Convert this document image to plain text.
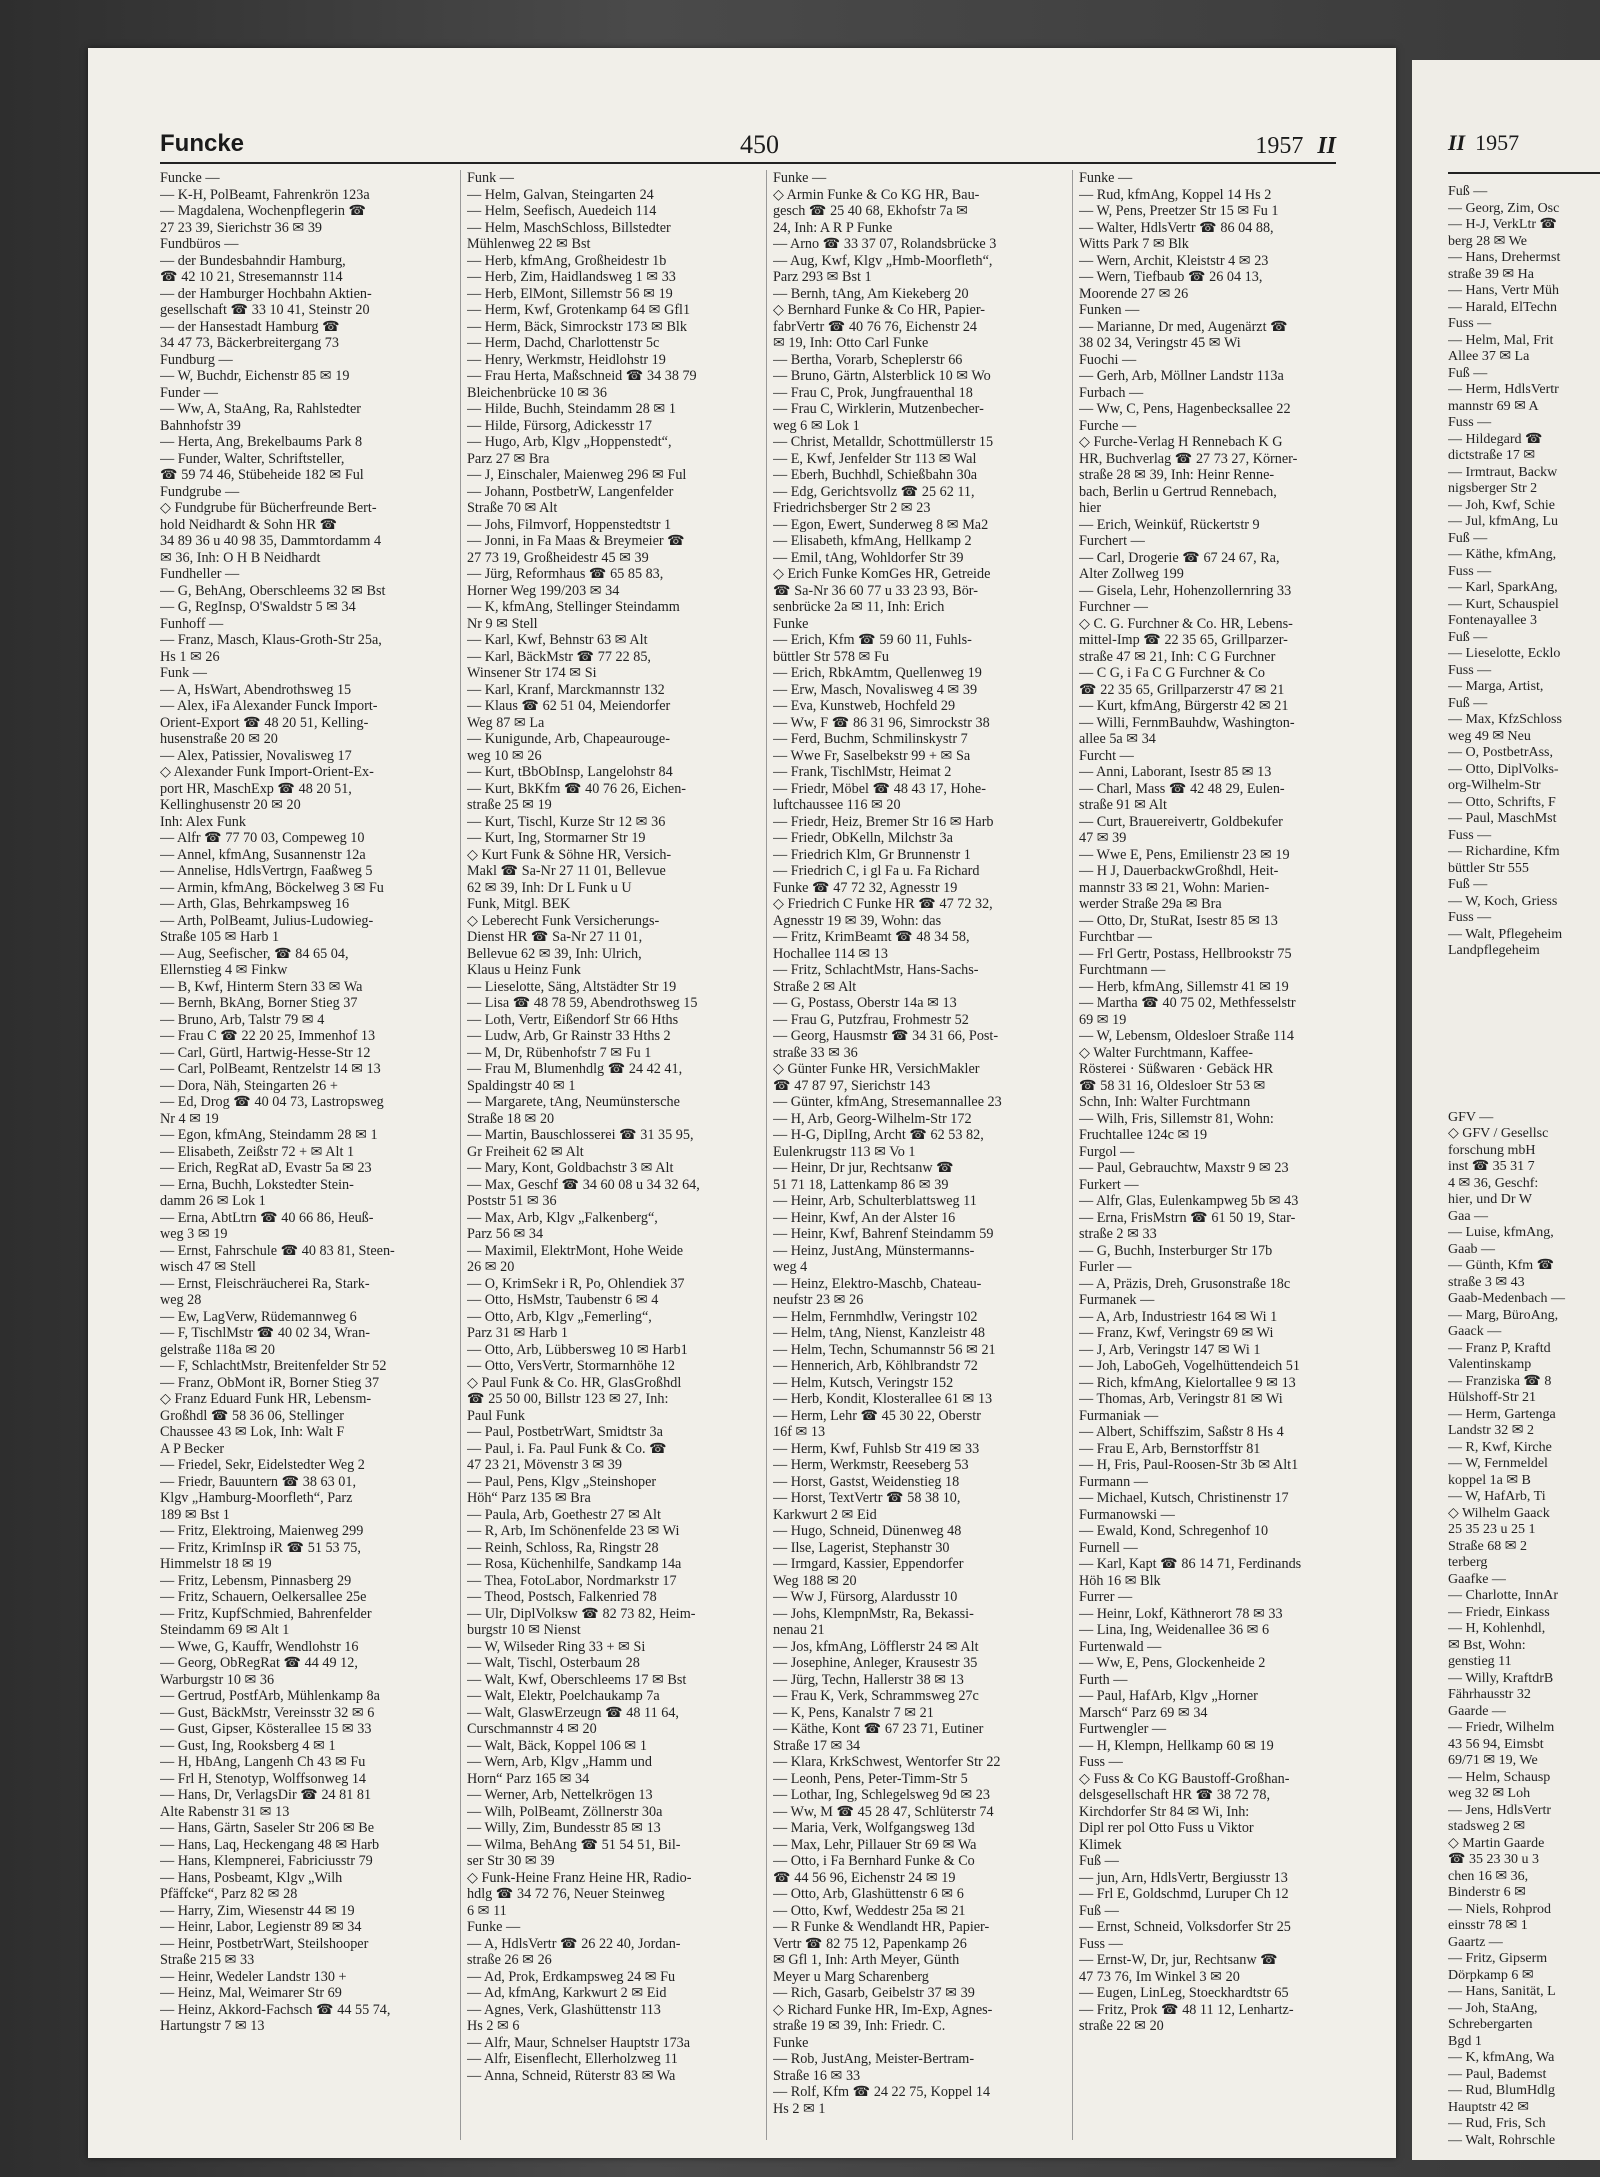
Funcke	450	1957 II
Funcke —
— K-H, PolBeamt, Fahrenkrön 123a
— Magdalena, Wochenpflegerin ☎
27 23 39, Sierichstr 36 ✉ 39
Fundbüros —
— der Bundesbahndir Hamburg,
☎ 42 10 21, Stresemannstr 114
— der Hamburger Hochbahn Aktien-
gesellschaft ☎ 33 10 41, Steinstr 20
— der Hansestadt Hamburg ☎
34 47 73, Bäckerbreitergang 73
Fundburg —
— W, Buchdr, Eichenstr 85 ✉ 19
Funder —
— Ww, A, StaAng, Ra, Rahlstedter
Bahnhofstr 39
— Herta, Ang, Brekelbaums Park 8
— Funder, Walter, Schriftsteller,
☎ 59 74 46, Stübeheide 182 ✉ Ful
Fundgrube —
◇ Fundgrube für Bücherfreunde Bert-
hold Neidhardt & Sohn HR ☎
34 89 36 u 40 98 35, Dammtordamm 4
✉ 36, Inh: O H B Neidhardt
Fundheller —
— G, BehAng, Oberschleems 32 ✉ Bst
— G, RegInsp, O'Swaldstr 5 ✉ 34
Funhoff —
— Franz, Masch, Klaus-Groth-Str 25a,
Hs 1 ✉ 26
Funk —
— A, HsWart, Abendrothsweg 15
— Alex, iFa Alexander Funck Import-
Orient-Export ☎ 48 20 51, Kelling-
husenstraße 20 ✉ 20
— Alex, Patissier, Novalisweg 17
◇ Alexander Funk Import-Orient-Ex-
port HR, MaschExp ☎ 48 20 51,
Kellinghusenstr 20 ✉ 20
Inh: Alex Funk
— Alfr ☎ 77 70 03, Compeweg 10
— Annel, kfmAng, Susannenstr 12a
— Annelise, HdlsVertrgn, Faaßweg 5
— Armin, kfmAng, Böckelweg 3 ✉ Fu
— Arth, Glas, Behrkampsweg 16
— Arth, PolBeamt, Julius-Ludowieg-
Straße 105 ✉ Harb 1
— Aug, Seefischer, ☎ 84 65 04,
Ellernstieg 4 ✉ Finkw
— B, Kwf, Hinterm Stern 33 ✉ Wa
— Bernh, BkAng, Borner Stieg 37
— Bruno, Arb, Talstr 79 ✉ 4
— Frau C ☎ 22 20 25, Immenhof 13
— Carl, Gürtl, Hartwig-Hesse-Str 12
— Carl, PolBeamt, Rentzelstr 14 ✉ 13
— Dora, Näh, Steingarten 26 +
— Ed, Drog ☎ 40 04 73, Lastropsweg
Nr 4 ✉ 19
— Egon, kfmAng, Steindamm 28 ✉ 1
— Elisabeth, Zeißstr 72 + ✉ Alt 1
— Erich, RegRat aD, Evastr 5a ✉ 23
— Erna, Buchh, Lokstedter Stein-
damm 26 ✉ Lok 1
— Erna, AbtLtrn ☎ 40 66 86, Heuß-
weg 3 ✉ 19
— Ernst, Fahrschule ☎ 40 83 81, Steen-
wisch 47 ✉ Stell
— Ernst, Fleischräucherei Ra, Stark-
weg 28
— Ew, LagVerw, Rüdemannweg 6
— F, TischlMstr ☎ 40 02 34, Wran-
gelstraße 118a ✉ 20
— F, SchlachtMstr, Breitenfelder Str 52
— Franz, ObMont iR, Borner Stieg 37
◇ Franz Eduard Funk HR, Lebensm-
Großhdl ☎ 58 36 06, Stellinger
Chaussee 43 ✉ Lok, Inh: Walt F
A P Becker
— Friedel, Sekr, Eidelstedter Weg 2
— Friedr, Bauuntern ☎ 38 63 01,
Klgv „Hamburg-Moorfleth“, Parz
189 ✉ Bst 1
— Fritz, Elektroing, Maienweg 299
— Fritz, KrimInsp iR ☎ 51 53 75,
Himmelstr 18 ✉ 19
— Fritz, Lebensm, Pinnasberg 29
— Fritz, Schauern, Oelkersallee 25e
— Fritz, KupfSchmied, Bahrenfelder
Steindamm 69 ✉ Alt 1
— Wwe, G, Kauffr, Wendlohstr 16
— Georg, ObRegRat ☎ 44 49 12,
Warburgstr 10 ✉ 36
— Gertrud, PostfArb, Mühlenkamp 8a
— Gust, BäckMstr, Vereinsstr 32 ✉ 6
— Gust, Gipser, Kösterallee 15 ✉ 33
— Gust, Ing, Rooksberg 4 ✉ 1
— H, HbAng, Langenh Ch 43 ✉ Fu
— Frl H, Stenotyp, Wolffsonweg 14
— Hans, Dr, VerlagsDir ☎ 24 81 81
Alte Rabenstr 31 ✉ 13
— Hans, Gärtn, Saseler Str 206 ✉ Be
— Hans, Laq, Heckengang 48 ✉ Harb
— Hans, Klempnerei, Fabriciusstr 79
— Hans, Posbeamt, Klgv „Wilh
Pfäffcke“, Parz 82 ✉ 28
— Harry, Zim, Wiesenstr 44 ✉ 19
— Heinr, Labor, Legienstr 89 ✉ 34
— Heinr, PostbetrWart, Steilshooper
Straße 215 ✉ 33
— Heinr, Wedeler Landstr 130 +
— Heinz, Mal, Weimarer Str 69
— Heinz, Akkord-Fachsch ☎ 44 55 74,
Hartungstr 7 ✉ 13
Funk —
— Helm, Galvan, Steingarten 24
— Helm, Seefisch, Auedeich 114
— Helm, MaschSchloss, Billstedter
Mühlenweg 22 ✉ Bst
— Herb, kfmAng, Großheidestr 1b
— Herb, Zim, Haidlandsweg 1 ✉ 33
— Herb, ElMont, Sillemstr 56 ✉ 19
— Herm, Kwf, Grotenkamp 64 ✉ Gfl1
— Herm, Bäck, Simrockstr 173 ✉ Blk
— Herm, Dachd, Charlottenstr 5c
— Henry, Werkmstr, Heidlohstr 19
— Frau Herta, Maßschneid ☎ 34 38 79
Bleichenbrücke 10 ✉ 36
— Hilde, Buchh, Steindamm 28 ✉ 1
— Hilde, Fürsorg, Adickesstr 17
— Hugo, Arb, Klgv „Hoppenstedt“,
Parz 27 ✉ Bra
— J, Einschaler, Maienweg 296 ✉ Ful
— Johann, PostbetrW, Langenfelder
Straße 70 ✉ Alt
— Johs, Filmvorf, Hoppenstedtstr 1
— Jonni, in Fa Maas & Breymeier ☎
27 73 19, Großheidestr 45 ✉ 39
— Jürg, Reformhaus ☎ 65 85 83,
Horner Weg 199/203 ✉ 34
— K, kfmAng, Stellinger Steindamm
Nr 9 ✉ Stell
— Karl, Kwf, Behnstr 63 ✉ Alt
— Karl, BäckMstr ☎ 77 22 85,
Winsener Str 174 ✉ Si
— Karl, Kranf, Marckmannstr 132
— Klaus ☎ 62 51 04, Meiendorfer
Weg 87 ✉ La
— Kunigunde, Arb, Chapeaurouge-
weg 10 ✉ 26
— Kurt, tBbObInsp, Langelohstr 84
— Kurt, BkKfm ☎ 40 76 26, Eichen-
straße 25 ✉ 19
— Kurt, Tischl, Kurze Str 12 ✉ 36
— Kurt, Ing, Stormarner Str 19
◇ Kurt Funk & Söhne HR, Versich-
Makl ☎ Sa-Nr 27 11 01, Bellevue
62 ✉ 39, Inh: Dr L Funk u U
Funk, Mitgl. BEK
◇ Leberecht Funk Versicherungs-
Dienst HR ☎ Sa-Nr 27 11 01,
Bellevue 62 ✉ 39, Inh: Ulrich,
Klaus u Heinz Funk
— Lieselotte, Säng, Altstädter Str 19
— Lisa ☎ 48 78 59, Abendrothsweg 15
— Loth, Vertr, Eißendorf Str 66 Hths
— Ludw, Arb, Gr Rainstr 33 Hths 2
— M, Dr, Rübenhofstr 7 ✉ Fu 1
— Frau M, Blumenhdlg ☎ 24 42 41,
Spaldingstr 40 ✉ 1
— Margarete, tAng, Neumünsterschе
Straße 18 ✉ 20
— Martin, Bauschlosserei ☎ 31 35 95,
Gr Freiheit 62 ✉ Alt
— Mary, Kont, Goldbachstr 3 ✉ Alt
— Max, Geschf ☎ 34 60 08 u 34 32 64,
Poststr 51 ✉ 36
— Max, Arb, Klgv „Falkenberg“,
Parz 56 ✉ 34
— Maximil, ElektrMont, Hohe Weide
26 ✉ 20
— O, KrimSekr i R, Po, Ohlendiek 37
— Otto, HsMstr, Taubenstr 6 ✉ 4
— Otto, Arb, Klgv „Femerling“,
Parz 31 ✉ Harb 1
— Otto, Arb, Lübbersweg 10 ✉ Harb1
— Otto, VersVertr, Stormarnhöhe 12
◇ Paul Funk & Co. HR, GlasGroßhdl
☎ 25 50 00, Billstr 123 ✉ 27, Inh:
Paul Funk
— Paul, PostbetrWart, Smidtstr 3a
— Paul, i. Fa. Paul Funk & Co. ☎
47 23 21, Mövenstr 3 ✉ 39
— Paul, Pens, Klgv „Steinshoper
Höh“ Parz 135 ✉ Bra
— Paula, Arb, Goethestr 27 ✉ Alt
— R, Arb, Im Schönenfelde 23 ✉ Wi
— Reinh, Schloss, Ra, Ringstr 28
— Rosa, Küchenhilfe, Sandkamp 14a
— Thea, FotoLabor, Nordmarkstr 17
— Theod, Postsch, Falkenried 78
— Ulr, DiplVolksw ☎ 82 73 82, Heim-
burgstr 10 ✉ Nienst
— W, Wilseder Ring 33 + ✉ Si
— Walt, Tischl, Osterbaum 28
— Walt, Kwf, Oberschleems 17 ✉ Bst
— Walt, Elektr, Poelchaukamp 7a
— Walt, GlaswErzeugn ☎ 48 11 64,
Curschmannstr 4 ✉ 20
— Walt, Bäck, Koppel 106 ✉ 1
— Wern, Arb, Klgv „Hamm und
Horn“ Parz 165 ✉ 34
— Werner, Arb, Nettelkrögen 13
— Wilh, PolBeamt, Zöllnerstr 30a
— Willy, Zim, Bundesstr 85 ✉ 13
— Wilma, BehAng ☎ 51 54 51, Bil-
ser Str 30 ✉ 39
◇ Funk-Heine Franz Heine HR, Radio-
hdlg ☎ 34 72 76, Neuer Steinweg
6 ✉ 11
Funke —
— A, HdlsVertr ☎ 26 22 40, Jordan-
straße 26 ✉ 26
— Ad, Prok, Erdkampsweg 24 ✉ Fu
— Ad, kfmAng, Karkwurt 2 ✉ Eid
— Agnes, Verk, Glashüttenstr 113
Hs 2 ✉ 6
— Alfr, Maur, Schnelser Hauptstr 173a
— Alfr, Eisenflecht, Ellerholzweg 11
— Anna, Schneid, Rüterstr 83 ✉ Wa
Funke —
◇ Armin Funke & Co KG HR, Bau-
gesch ☎ 25 40 68, Ekhofstr 7a ✉
24, Inh: A R P Funke
— Arno ☎ 33 37 07, Rolandsbrücke 3
— Aug, Kwf, Klgv „Hmb-Moorfleth“,
Parz 293 ✉ Bst 1
— Bernh, tAng, Am Kiekeberg 20
◇ Bernhard Funke & Co HR, Papier-
fabrVertr ☎ 40 76 76, Eichenstr 24
✉ 19, Inh: Otto Carl Funke
— Bertha, Vorarb, Scheplerstr 66
— Bruno, Gärtn, Alsterblick 10 ✉ Wo
— Frau C, Prok, Jungfrauenthal 18
— Frau C, Wirklerin, Mutzenbecher-
weg 6 ✉ Lok 1
— Christ, Metalldr, Schottmüllerstr 15
— E, Kwf, Jenfelder Str 113 ✉ Wal
— Eberh, Buchhdl, Schießbahn 30a
— Edg, Gerichtsvollz ☎ 25 62 11,
Friedrichsberger Str 2 ✉ 23
— Egon, Ewert, Sunderweg 8 ✉ Ma2
— Elisabeth, kfmAng, Hellkamp 2
— Emil, tAng, Wohldorfer Str 39
◇ Erich Funke KomGes HR, Getreide
☎ Sa-Nr 36 60 77 u 33 23 93, Bör-
senbrücke 2a ✉ 11, Inh: Erich
Funke
— Erich, Kfm ☎ 59 60 11, Fuhls-
büttler Str 578 ✉ Fu
— Erich, RbkAmtm, Quellenweg 19
— Erw, Masch, Novalisweg 4 ✉ 39
— Eva, Kunstweb, Hochfeld 29
— Ww, F ☎ 86 31 96, Simrockstr 38
— Ferd, Buchm, Schmilinskystr 7
— Wwe Fr, Saselbekstr 99 + ✉ Sa
— Frank, TischlMstr, Heimat 2
— Friedr, Möbel ☎ 48 43 17, Hohe-
luftchaussee 116 ✉ 20
— Friedr, Heiz, Bremer Str 16 ✉ Harb
— Friedr, ObKelln, Milchstr 3a
— Friedrich Klm, Gr Brunnenstr 1
— Friedrich C, i gl Fa u. Fa Richard
Funke ☎ 47 72 32, Agnesstr 19
◇ Friedrich C Funke HR ☎ 47 72 32,
Agnesstr 19 ✉ 39, Wohn: das
— Fritz, KrimBeamt ☎ 48 34 58,
Hochallee 114 ✉ 13
— Fritz, SchlachtMstr, Hans-Sachs-
Straße 2 ✉ Alt
— G, Postass, Oberstr 14a ✉ 13
— Frau G, Putzfrau, Frohmestr 52
— Georg, Hausmstr ☎ 34 31 66, Post-
straße 33 ✉ 36
◇ Günter Funke HR, VersichMakler
☎ 47 87 97, Sierichstr 143
— Günter, kfmAng, Stresemannallee 23
— H, Arb, Georg-Wilhelm-Str 172
— H-G, DiplIng, Archt ☎ 62 53 82,
Eulenkrugstr 113 ✉ Vo 1
— Heinr, Dr jur, Rechtsanw ☎
51 71 18, Lattenkamp 86 ✉ 39
— Heinr, Arb, Schulterblattsweg 11
— Heinr, Kwf, An der Alster 16
— Heinr, Kwf, Bahrenf Steindamm 59
— Heinz, JustAng, Münstermanns-
weg 4
— Heinz, Elektro-Maschb, Chateau-
neufstr 23 ✉ 26
— Helm, Fernmhdlw, Veringstr 102
— Helm, tAng, Nienst, Kanzleistr 48
— Helm, Techn, Schumannstr 56 ✉ 21
— Hennerich, Arb, Köhlbrandstr 72
— Helm, Kutsch, Veringstr 152
— Herb, Kondit, Klosterallee 61 ✉ 13
— Herm, Lehr ☎ 45 30 22, Oberstr
16f ✉ 13
— Herm, Kwf, Fuhlsb Str 419 ✉ 33
— Herm, Werkmstr, Reeseberg 53
— Horst, Gastst, Weidenstieg 18
— Horst, TextVertr ☎ 58 38 10,
Karkwurt 2 ✉ Eid
— Hugo, Schneid, Dünenweg 48
— Ilse, Lagerist, Stephanstr 30
— Irmgard, Kassier, Eppendorfer
Weg 188 ✉ 20
— Ww J, Fürsorg, Alardusstr 10
— Johs, KlempnMstr, Ra, Bekassi-
nenau 21
— Jos, kfmAng, Löfflerstr 24 ✉ Alt
— Josephine, Anleger, Krausestr 35
— Jürg, Techn, Hallerstr 38 ✉ 13
— Frau K, Verk, Schrammsweg 27c
— K, Pens, Kanalstr 7 ✉ 21
— Käthe, Kont ☎ 67 23 71, Eutiner
Straße 17 ✉ 34
— Klara, KrkSchwest, Wentorfer Str 22
— Leonh, Pens, Peter-Timm-Str 5
— Lothar, Ing, Schlegelsweg 9d ✉ 23
— Ww, M ☎ 45 28 47, Schlüterstr 74
— Maria, Verk, Wolfgangsweg 13d
— Max, Lehr, Pillauer Str 69 ✉ Wa
— Otto, i Fa Bernhard Funke & Co
☎ 44 56 96, Eichenstr 24 ✉ 19
— Otto, Arb, Glashüttenstr 6 ✉ 6
— Otto, Kwf, Weddestr 25a ✉ 21
— R Funke & Wendlandt HR, Papier-
Vertr ☎ 82 75 12, Papenkamp 26
✉ Gfl 1, Inh: Arth Meyer, Günth
Meyer u Marg Scharenberg
— Rich, Gasarb, Geibelstr 37 ✉ 39
◇ Richard Funke HR, Im-Exp, Agnes-
straße 19 ✉ 39, Inh: Friedr. C.
Funke
— Rob, JustAng, Meister-Bertram-
Straße 16 ✉ 33
— Rolf, Kfm ☎ 24 22 75, Koppel 14
Hs 2 ✉ 1
Funke —
— Rud, kfmAng, Koppel 14 Hs 2
— W, Pens, Preetzer Str 15 ✉ Fu 1
— Walter, HdlsVertr ☎ 86 04 88,
Witts Park 7 ✉ Blk
— Wern, Archit, Kleiststr 4 ✉ 23
— Wern, Tiefbaub ☎ 26 04 13,
Moorende 27 ✉ 26
Funken —
— Marianne, Dr med, Augenärzt ☎
38 02 34, Veringstr 45 ✉ Wi
Fuochi —
— Gerh, Arb, Möllner Landstr 113a
Furbach —
— Ww, C, Pens, Hagenbecksallee 22
Furche —
◇ Furche-Verlag H Rennebach K G
HR, Buchverlag ☎ 27 73 27, Körner-
straße 28 ✉ 39, Inh: Heinr Renne-
bach, Berlin u Gertrud Rennebach,
hier
— Erich, Weinküf, Rückertstr 9
Furchert —
— Carl, Drogerie ☎ 67 24 67, Ra,
Alter Zollweg 199
— Gisela, Lehr, Hohenzollernring 33
Furchner —
◇ C. G. Furchner & Co. HR, Lebens-
mittel-Imp ☎ 22 35 65, Grillparzer-
straße 47 ✉ 21, Inh: C G Furchner
— C G, i Fa C G Furchner & Co
☎ 22 35 65, Grillparzerstr 47 ✉ 21
— Kurt, kfmAng, Bürgerstr 42 ✉ 21
— Willi, FernmBauhdw, Washington-
allee 5a ✉ 34
Furcht —
— Anni, Laborant, Isestr 85 ✉ 13
— Charl, Mass ☎ 42 48 29, Eulen-
straße 91 ✉ Alt
— Curt, Brauereivertr, Goldbekufer
47 ✉ 39
— Wwe E, Pens, Emilienstr 23 ✉ 19
— H J, DauerbackwGroßhdl, Heit-
mannstr 33 ✉ 21, Wohn: Marien-
werder Straße 29a ✉ Bra
— Otto, Dr, StuRat, Isestr 85 ✉ 13
Furchtbar —
— Frl Gertr, Postass, Hellbrookstr 75
Furchtmann —
— Herb, kfmAng, Sillemstr 41 ✉ 19
— Martha ☎ 40 75 02, Methfesselstr
69 ✉ 19
— W, Lebensm, Oldesloer Straße 114
◇ Walter Furchtmann, Kaffee-
Rösterei · Süßwaren · Gebäck HR
☎ 58 31 16, Oldesloer Str 53 ✉
Schn, Inh: Walter Furchtmann
— Wilh, Fris, Sillemstr 81, Wohn:
Fruchtallee 124c ✉ 19
Furgol —
— Paul, Gebrauchtw, Maxstr 9 ✉ 23
Furkert —
— Alfr, Glas, Eulenkampweg 5b ✉ 43
— Erna, FrisMstrn ☎ 61 50 19, Star-
straße 2 ✉ 33
— G, Buchh, Insterburger Str 17b
Furler —
— A, Präzis, Dreh, Grusonstraße 18c
Furmanek —
— A, Arb, Industriestr 164 ✉ Wi 1
— Franz, Kwf, Veringstr 69 ✉ Wi
— J, Arb, Veringstr 147 ✉ Wi 1
— Joh, LaboGeh, Vogelhüttendeich 51
— Rich, kfmAng, Kielortallee 9 ✉ 13
— Thomas, Arb, Veringstr 81 ✉ Wi
Furmaniak —
— Albert, Schiffszim, Saßstr 8 Hs 4
— Frau E, Arb, Bernstorffstr 81
— H, Fris, Paul-Roosen-Str 3b ✉ Alt1
Furmann —
— Michael, Kutsch, Christinenstr 17
Furmanowski —
— Ewald, Kond, Schregenhof 10
Furnell —
— Karl, Kapt ☎ 86 14 71, Ferdinands
Höh 16 ✉ Blk
Furrer —
— Heinr, Lokf, Käthnerort 78 ✉ 33
— Lina, Ing, Weidenallee 36 ✉ 6
Furtenwald —
— Ww, E, Pens, Glockenheide 2
Furth —
— Paul, HafArb, Klgv „Horner
Marsch“ Parz 69 ✉ 34
Furtwengler —
— H, Klempn, Hellkamp 60 ✉ 19
Fuss —
◇ Fuss & Co KG Baustoff-Großhan-
delsgesellschaft HR ☎ 38 72 78,
Kirchdorfer Str 84 ✉ Wi, Inh:
Dipl rer pol Otto Fuss u Viktor
Klimek
Fuß —
— jun, Arn, HdlsVertr, Bergiusstr 13
— Frl E, Goldschmd, Luruper Ch 12
Fuß —
— Ernst, Schneid, Volksdorfer Str 25
Fuss —
— Ernst-W, Dr, jur, Rechtsanw ☎
47 73 76, Im Winkel 3 ✉ 20
— Eugen, LinLeg, Stoeckhardtstr 65
— Fritz, Prok ☎ 48 11 12, Lenhartz-
straße 22 ✉ 20
II 1957
Fuß —
— Georg, Zim, Osc
— H-J, VerkLtr ☎
berg 28 ✉ We
— Hans, Drehermst
straße 39 ✉ Ha
— Hans, Vertr Müh
— Harald, ElTechn
Fuss —
— Helm, Mal, Frit
Allee 37 ✉ La
Fuß —
— Herm, HdlsVertr
mannstr 69 ✉ A
Fuss —
— Hildegard ☎
dictstraße 17 ✉
— Irmtraut, Backw
nigsberger Str 2
— Joh, Kwf, Schie
— Jul, kfmAng, Lu
Fuß —
— Käthe, kfmAng,
Fuss —
— Karl, SparkAng,
— Kurt, Schauspiel
Fontenayallee 3
Fuß —
— Lieselotte, Ecklo
Fuss —
— Marga, Artist,
Fuß —
— Max, KfzSchloss
weg 49 ✉ Neu
— O, PostbetrAss,
— Otto, DiplVolks-
org-Wilhelm-Str
— Otto, Schrifts, F
— Paul, MaschMst
Fuss —
— Richardine, Kfm
büttler Str 555
Fuß —
— W, Koch, Griess
Fuss —
— Walt, Pflegeheim
Landpflegeheim
GFV —
◇ GFV / Gesellsc
forschung mbH
inst ☎ 35 31 7
4 ✉ 36, Geschf:
hier, und Dr W
Gaa —
— Luise, kfmAng,
Gaab —
— Günth, Kfm ☎
straße 3 ✉ 43
Gaab-Medenbach —
— Marg, BüroAng,
Gaack —
— Franz P, Kraftd
Valentinskamp
— Franziska ☎ 8
Hülshoff-Str 21
— Herm, Gartenga
Landstr 32 ✉ 2
— R, Kwf, Kirche
— W, Fernmeldel
koppel 1a ✉ B
— W, HafArb, Ti
◇ Wilhelm Gaack
25 35 23 u 25 1
Straße 68 ✉ 2
terberg
Gaafke —
— Charlotte, InnAr
— Friedr, Einkass
— H, Kohlenhdl,
✉ Bst, Wohn:
genstieg 11
— Willy, KraftdrB
Fährhausstr 32
Gaarde —
— Friedr, Wilhelm
43 56 94, Eimsbt
69/71 ✉ 19, We
— Helm, Schausp
weg 32 ✉ Loh
— Jens, HdlsVertr
stadsweg 2 ✉
◇ Martin Gaarde
☎ 35 23 30 u 3
chen 16 ✉ 36,
Binderstr 6 ✉
— Niels, Rohprod
einsstr 78 ✉ 1
Gaartz —
— Fritz, Gipserm
Dörpkamp 6 ✉
— Hans, Sanität, L
— Joh, StaAng,
Schrebergarten
Bgd 1
— K, kfmAng, Wa
— Paul, Bademst
— Rud, BlumHdlg
Hauptstr 42 ✉
— Rud, Fris, Sch
— Walt, Rohrschle
